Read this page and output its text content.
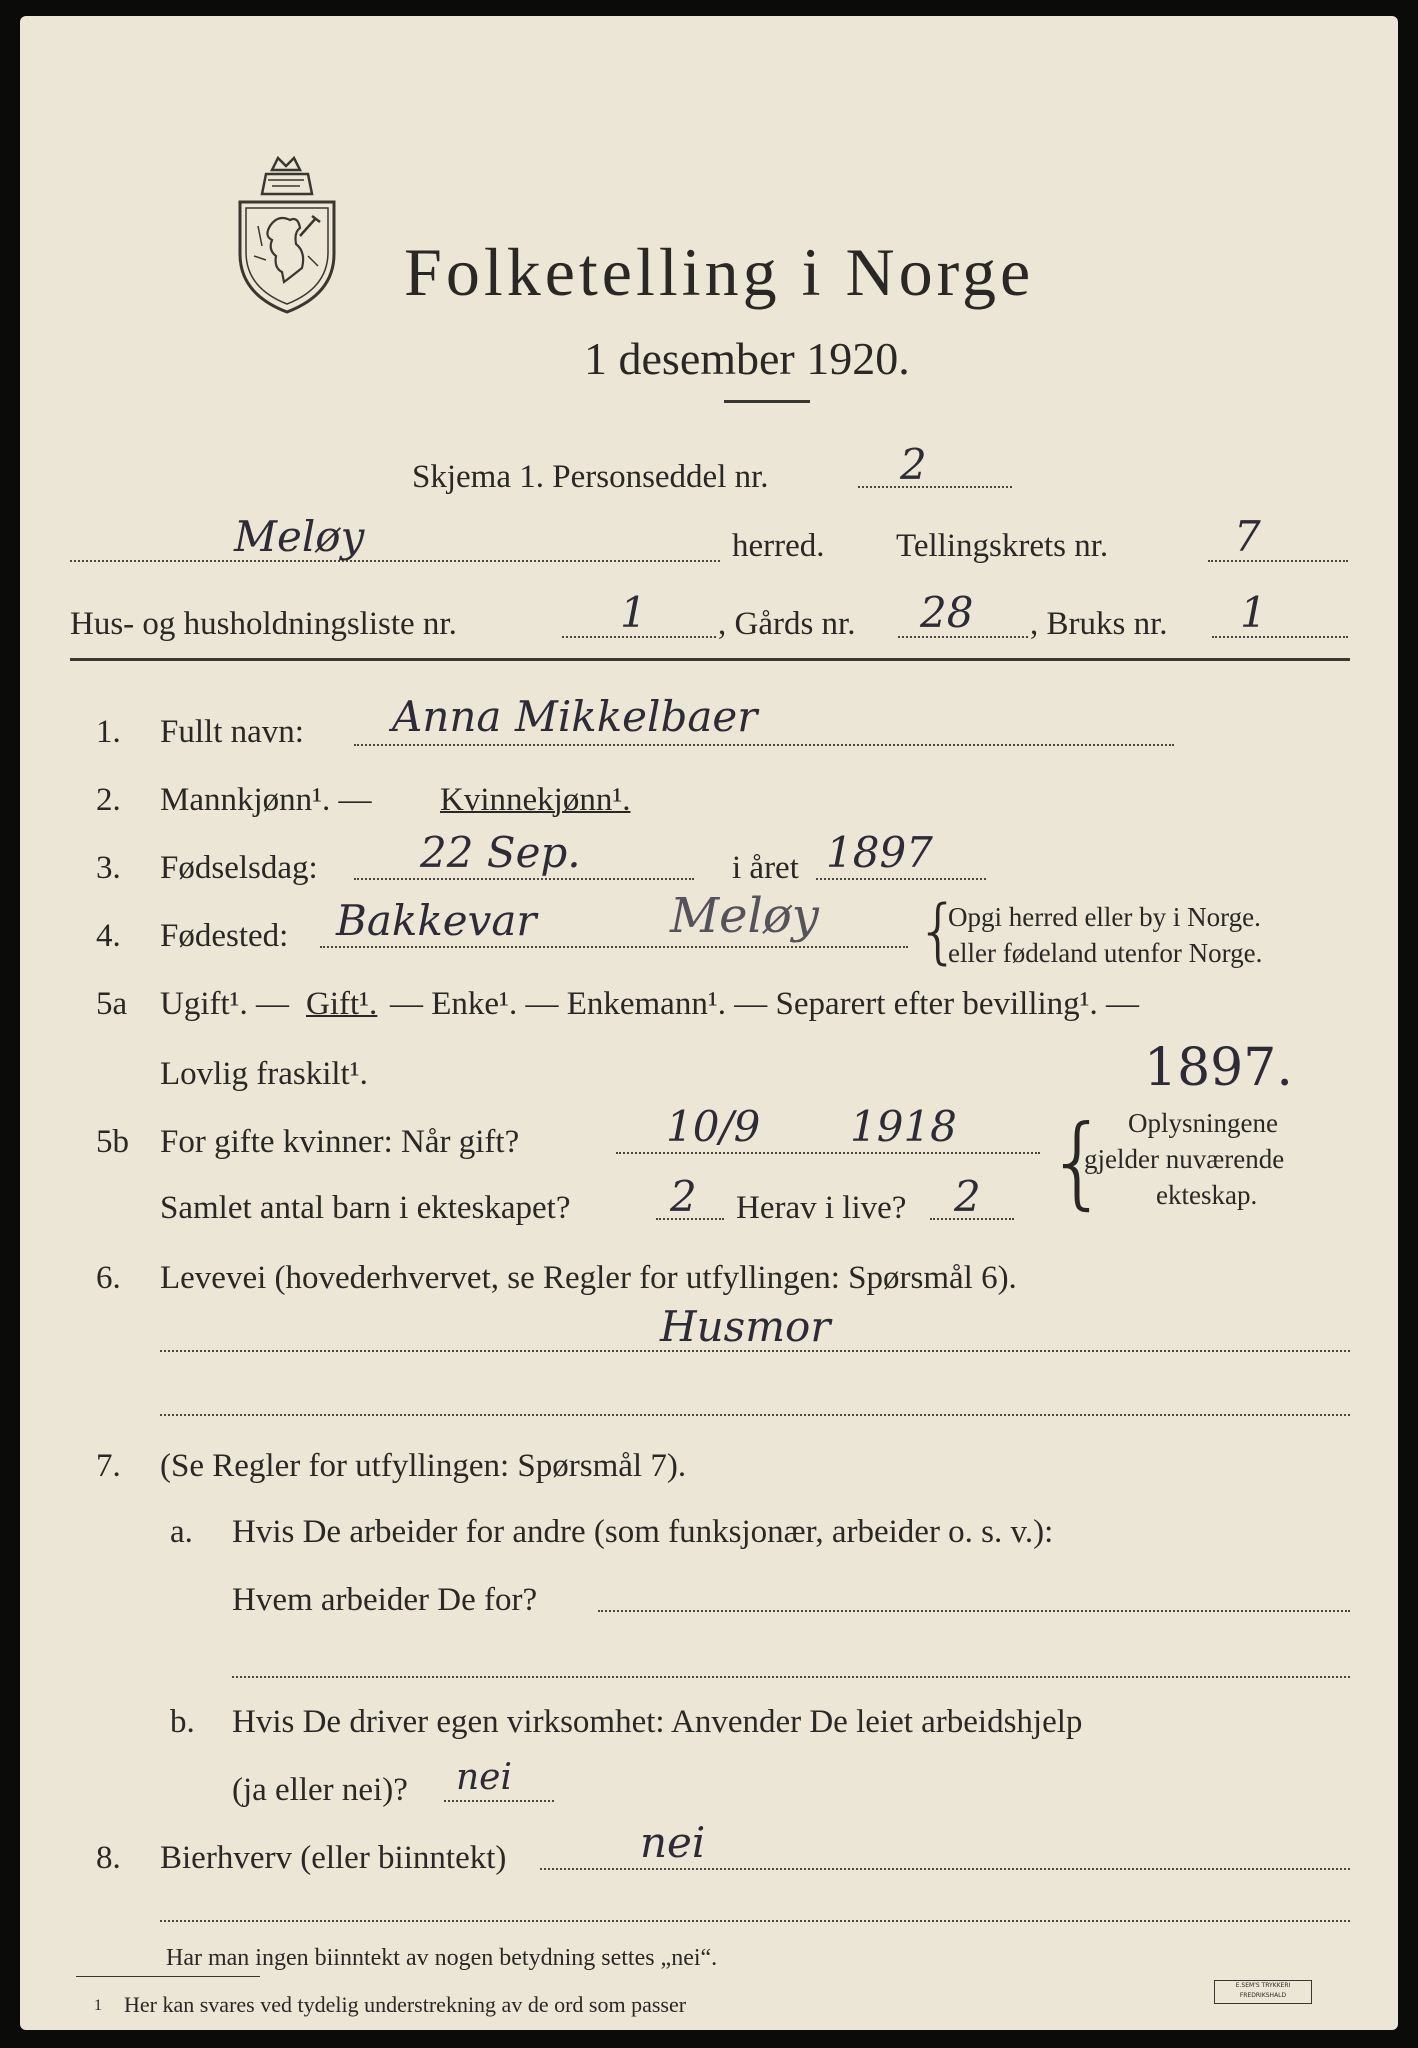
Folketelling i Norge
1 desember 1920.
Skjema 1. Personseddel nr.	2
Meløy	herred. Tellingskrets nr.	7
Hus- og husholdningsliste nr.	1 , Gårds nr. 28 , Bruks nr. 1
1. Fullt navn: Anna Mikkelbaer
2. Mannkjønn¹. — Kvinnekjønn¹.
3. Fødselsdag: 22 Sep.	i året 1897
4. Fødested: Bakkevar	Meløy {
Opgi herred eller by i Norge.
eller fødeland utenfor Norge.
5a Ugift¹. — Gift¹. — Enke¹. — Enkemann¹. — Separert efter bevilling¹. —
Lovlig fraskilt¹.	1897.
5b For gifte kvinner: Når gift?	10/9 1918
Samlet antal barn i ekteskapet? 2 Herav i live? 2 { Oplysningene
gjelder nuværende
ekteskap.
6. Levevei (hovederhvervet, se Regler for utfyllingen: Spørsmål 6).
Husmor
7. (Se Regler for utfyllingen: Spørsmål 7).
a. Hvis De arbeider for andre (som funksjonær, arbeider o. s. v.):
Hvem arbeider De for?
b. Hvis De driver egen virksomhet: Anvender De leiet arbeidshjelp
(ja eller nei)? nei
8. Bierhverv (eller biinntekt)	nei
Har man ingen biinntekt av nogen betydning settes „nei“.
1 Her kan svares ved tydelig understrekning av de ord som passer
E.SEM'S TRYKKERI FREDRIKSHALD
